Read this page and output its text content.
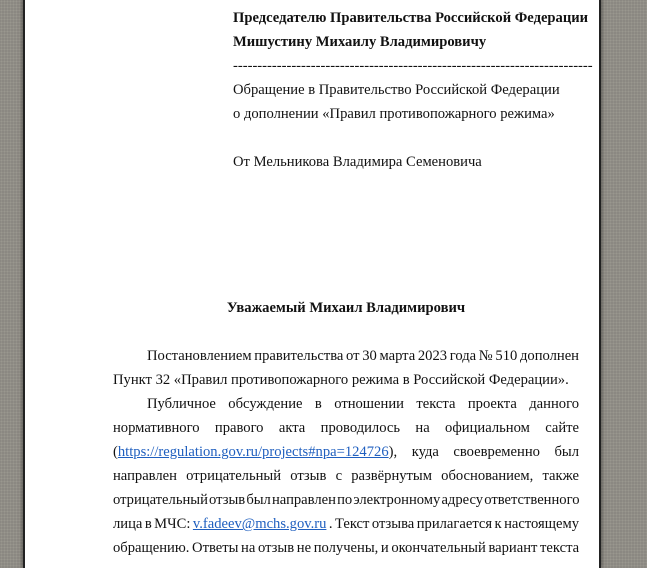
Председателю Правительства Российской Федерации
Мишустину Михаилу Владимировичу
--------------------------------------------------------------------------
Обращение в Правительство Российской Федерации
о дополнении «Правил противопожарного режима»
От Мельникова Владимира Семеновича
Уважаемый Михаил Владимирович
Постановлением правительства от 30 марта 2023 года № 510 дополнен
Пункт 32 «Правил противопожарного режима в Российской Федерации».
Публичное обсуждение в отношении текста проекта данного
нормативного правого акта проводилось на официальном сайте
(https://regulation.gov.ru/projects#npa=124726), куда своевременно был
направлен отрицательный отзыв с развёрнутым обоснованием, также
отрицательный отзыв был направлен по электронному адресу ответственного
лица в МЧС: v.fadeev@mchs.gov.ru . Текст отзыва прилагается к настоящему
обращению. Ответы на отзыв не получены, и окончательный вариант текста
